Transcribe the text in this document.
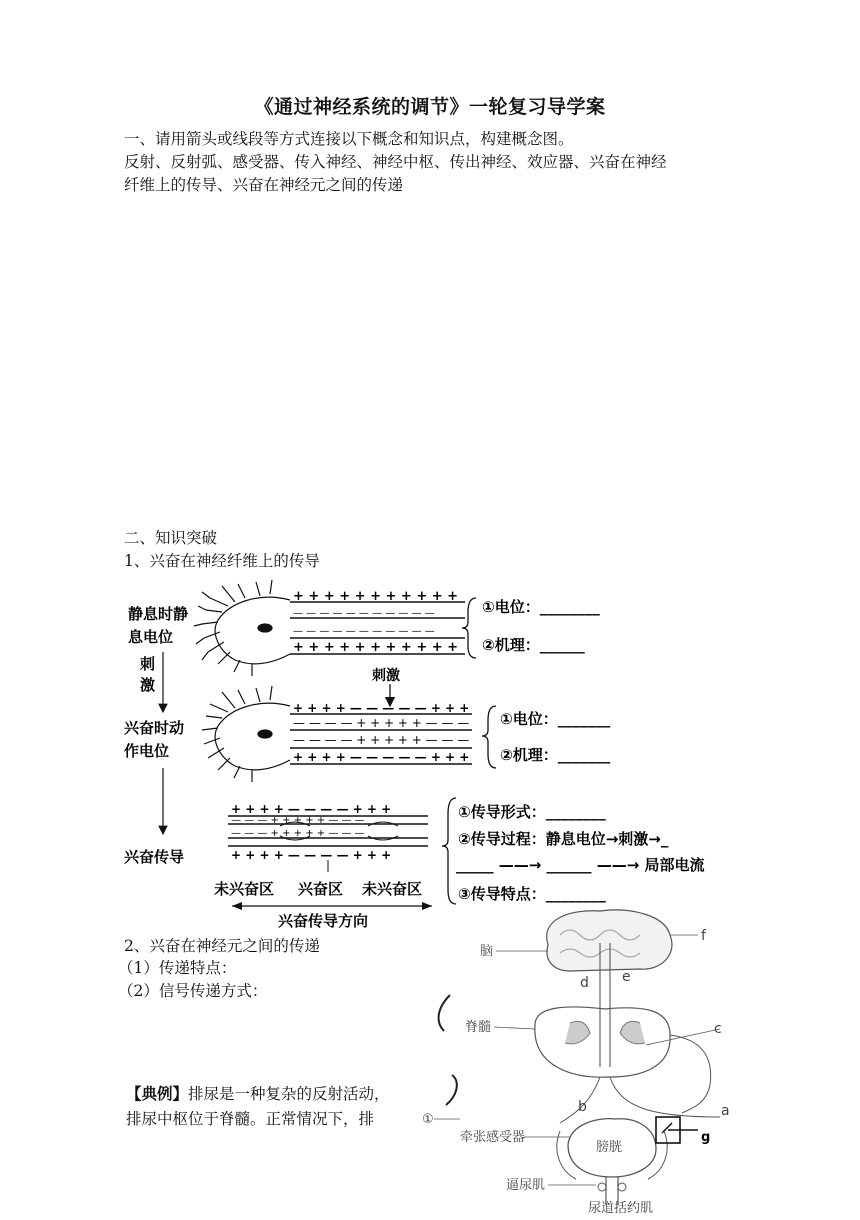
《通过神经系统的调节》一轮复习导学案
一、请用箭头或线段等方式连接以下概念和知识点，构建概念图。
反射、反射弧、感受器、传入神经、神经中枢、传出神经、效应器、兴奋在神经
纤维上的传导、兴奋在神经元之间的传递
二、知识突破
1、兴奋在神经纤维上的传导
静息时静
息电位
刺
激
兴奋时动
作电位
兴奋传导
+ + + + + + + + + + +
— — — — — — — — — — —
— — — — — — — — — — —
+ + + + + + + + + + +
①电位：________
②机理：______
刺激
+ + + + — — — — — + + +
— — — — + + + + + — — —
— — — — + + + + + — — —
+ + + + — — — — — + + +
①电位：_______
②机理：_______
+ + + + — — — — + + +
— — — + + + + + — — —
— — — + + + + + — — —
+ + + + — — — — + + +
未兴奋区 兴奋区 未兴奋区
兴奋传导方向
①传导形式：________
②传导过程：静息电位→刺激→_
_____ ——→ ______ ——→ 局部电流
③传导特点：________
2、兴奋在神经元之间的传递
（1）传递特点：
（2）信号传递方式：
【典例】排尿是一种复杂的反射活动，
排尿中枢位于脊髓。正常情况下，排
脑
f
d e
脊髓	c
b	a
①
膀胱
牵张感受器
逼尿肌
尿道括约肌
g
